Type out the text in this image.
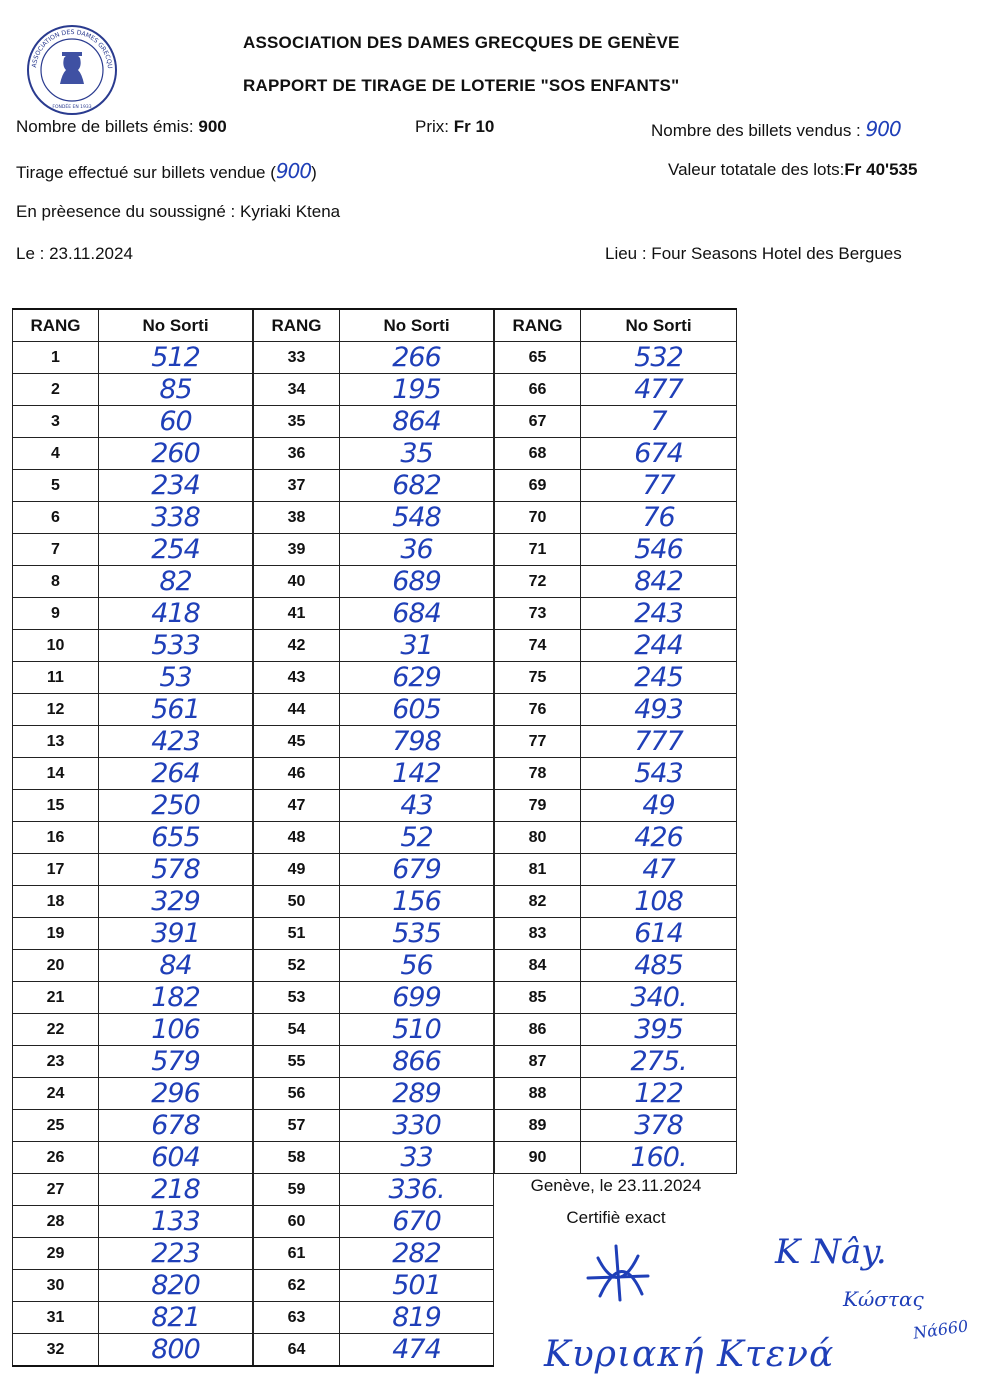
ASSOCIATION DES DAMES GRECQU
FONDÉE EN 1933
ASSOCIATION DES DAMES GRECQUES DE GENÈVE
RAPPORT DE TIRAGE DE LOTERIE "SOS ENFANTS"
Nombre de billets émis: 900	Prix: Fr 10	Nombre des billets vendus : 900
Tirage effectué sur billets vendue (900)	Valeur totatale des lots:Fr 40'535
En prèesence du soussigné : Kyriaki Ktena
Le : 23.11.2024	Lieu : Four Seasons Hotel des Bergues
RANG	No Sorti
1	512
2	85
3	60
4	260
5	234
6	338
7	254
8	82
9	418
10	533
11	53
12	561
13	423
14	264
15	250
16	655
17	578
18	329
19	391
20	84
21	182
22	106
23	579
24	296
25	678
26	604
27	218
28	133
29	223
30	820
31	821
32	800
RANG	No Sorti
33	266
34	195
35	864
36	35
37	682
38	548
39	36
40	689
41	684
42	31
43	629
44	605
45	798
46	142
47	43
48	52
49	679
50	156
51	535
52	56
53	699
54	510
55	866
56	289
57	330
58	33
59	336.
60	670
61	282
62	501
63	819
64	474
RANG	No Sorti
65	532
66	477
67	7
68	674
69	77
70	76
71	546
72	842
73	243
74	244
75	245
76	493
77	777
78	543
79	49
80	426
81	47
82	108
83	614
84	485
85	340.
86	395
87	275.
88	122
89	378
90	160.
Genève, le 23.11.2024
Certifiè exact
K Nây.
Κώστας
Νά660
Κυριακή Κτενά
